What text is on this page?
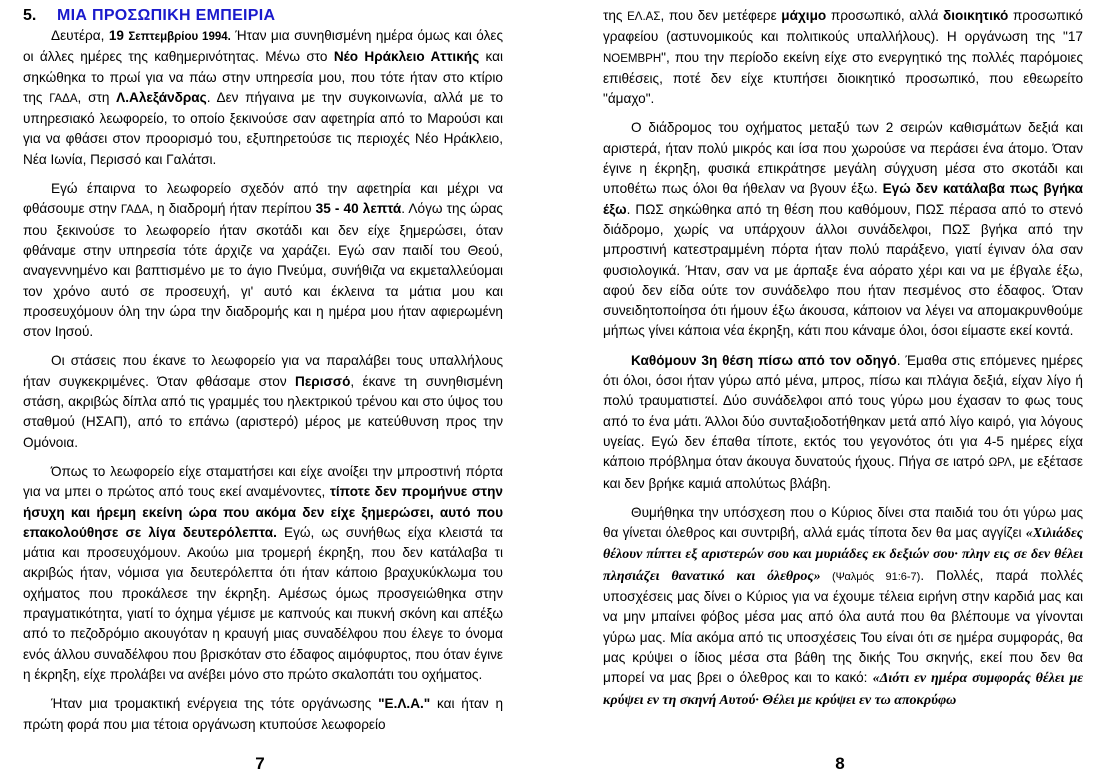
5. ΜΙΑ ΠΡΟΣΩΠΙΚΗ ΕΜΠΕΙΡΙΑ

Δευτέρα, 19 Σεπτεμβρίου 1994. Ήταν μια συνηθισμένη ημέρα όμως και όλες οι άλλες ημέρες της καθημερινότητας. Μένω στο Νέο Ηράκλειο Αττικής και σηκώθηκα το πρωί για να πάω στην υπηρεσία μου, που τότε ήταν στο κτίριο της ΓΑΔΑ, στη Λ.Αλεξάνδρας. Δεν πήγαινα με την συγκοινωνία, αλλά με το υπηρεσιακό λεωφορείο, το οποίο ξεκινούσε σαν αφετηρία από το Μαρούσι και για να φθάσει στον προορισμό του, εξυπηρετούσε τις περιοχές Νέο Ηράκλειο, Νέα Ιωνία, Περισσό και Γαλάτσι.

Εγώ έπαιρνα το λεωφορείο σχεδόν από την αφετηρία και μέχρι να φθάσουμε στην ΓΑΔΑ, η διαδρομή ήταν περίπου 35 - 40 λεπτά. Λόγω της ώρας που ξεκινούσε το λεωφορείο ήταν σκοτάδι και δεν είχε ξημερώσει, όταν φθάναμε στην υπηρεσία τότε άρχιζε να χαράζει. Εγώ σαν παιδί του Θεού, αναγεννημένο και βαπτισμένο με το άγιο Πνεύμα, συνήθιζα να εκμεταλλεύομαι τον χρόνο αυτό σε προσευχή, γι' αυτό και έκλεινα τα μάτια μου και προσευχόμουν όλη την ώρα την διαδρομής και η ημέρα μου ήταν αφιερωμένη στον Ιησού.

Οι στάσεις που έκανε το λεωφορείο για να παραλάβει τους υπαλλήλους ήταν συγκεκριμένες. Όταν φθάσαμε στον Περισσό, έκανε τη συνηθισμένη στάση, ακριβώς δίπλα από τις γραμμές του ηλεκτρικού τρένου και στο ύψος του σταθμού (ΗΣΑΠ), από το επάνω (αριστερό) μέρος με κατεύθυνση προς την Ομόνοια.

Όπως το λεωφορείο είχε σταματήσει και είχε ανοίξει την μπροστινή πόρτα για να μπει ο πρώτος από τους εκεί αναμένοντες, τίποτε δεν προμήνυε στην ήσυχη και ήρεμη εκείνη ώρα που ακόμα δεν είχε ξημερώσει, αυτό που επακολούθησε σε λίγα δευτερόλεπτα. Εγώ, ως συνήθως είχα κλειστά τα μάτια και προσευχόμουν. Ακούω μια τρομερή έκρηξη, που δεν κατάλαβα τι ακριβώς ήταν, νόμισα για δευτερόλεπτα ότι ήταν κάποιο βραχυκύκλωμα του οχήματος που προκάλεσε την έκρηξη. Αμέσως όμως προσγειώθηκα στην πραγματικότητα, γιατί το όχημα γέμισε με καπνούς και πυκνή σκόνη και απέξω από το πεζοδρόμιο ακουγόταν η κραυγή μιας συναδέλφου που έλεγε το όνομα ενός άλλου συναδέλφου που βρισκόταν στο έδαφος αιμόφυρτος, που όταν έγινε η έκρηξη, είχε προλάβει να ανέβει μόνο στο πρώτο σκαλοπάτι του οχήματος.

Ήταν μια τρομακτική ενέργεια της τότε οργάνωσης "Ε.Λ.Α." και ήταν η πρώτη φορά που μια τέτοια οργάνωση κτυπούσε λεωφορείο

7

της ΕΛ.ΑΣ, που δεν μετέφερε μάχιμο προσωπικό, αλλά διοικητικό προσωπικό γραφείου (αστυνομικούς και πολιτικούς υπαλλήλους). Η οργάνωση της "17 ΝΟΕΜΒΡΗ", που την περίοδο εκείνη είχε στο ενεργητικό της πολλές παρόμοιες επιθέσεις, ποτέ δεν είχε κτυπήσει διοικητικό προσωπικό, που εθεωρείτο "άμαχο".

Ο διάδρομος του οχήματος μεταξύ των 2 σειρών καθισμάτων δεξιά και αριστερά, ήταν πολύ μικρός και ίσα που χωρούσε να περάσει ένα άτομο. Όταν έγινε η έκρηξη, φυσικά επικράτησε μεγάλη σύγχυση μέσα στο σκοτάδι και υποθέτω πως όλοι θα ήθελαν να βγουν έξω. Εγώ δεν κατάλαβα πως βγήκα έξω. ΠΩΣ σηκώθηκα από τη θέση που καθόμουν, ΠΩΣ πέρασα από το στενό διάδρομο, χωρίς να υπάρχουν άλλοι συνάδελφοι, ΠΩΣ βγήκα από την μπροστινή κατεστραμμένη πόρτα ήταν πολύ παράξενο, γιατί έγιναν όλα σαν φυσιολογικά. Ήταν, σαν να με άρπαξε ένα αόρατο χέρι και να με έβγαλε έξω, αφού δεν είδα ούτε τον συνάδελφο που ήταν πεσμένος στο έδαφος. Όταν συνειδητοποίησα ότι ήμουν έξω άκουσα, κάποιον να λέγει να απομακρυνθούμε μήπως γίνει κάποια νέα έκρηξη, κάτι που κάναμε όλοι, όσοι είμαστε εκεί κοντά.

Καθόμουν 3η θέση πίσω από τον οδηγό. Έμαθα στις επόμενες ημέρες ότι όλοι, όσοι ήταν γύρω από μένα, μπρος, πίσω και πλάγια δεξιά, είχαν λίγο ή πολύ τραυματιστεί. Δύο συνάδελφοι από τους γύρω μου έχασαν το φως τους από το ένα μάτι. Άλλοι δύο συνταξιοδοτήθηκαν μετά από λίγο καιρό, για λόγους υγείας. Εγώ δεν έπαθα τίποτε, εκτός του γεγονότος ότι για 4-5 ημέρες είχα κάποιο πρόβλημα όταν άκουγα δυνατούς ήχους. Πήγα σε ιατρό ΩΡΛ, με εξέτασε και δεν βρήκε καμιά απολύτως βλάβη.

Θυμήθηκα την υπόσχεση που ο Κύριος δίνει στα παιδιά του ότι γύρω μας θα γίνεται όλεθρος και συντριβή, αλλά εμάς τίποτα δεν θα μας αγγίζει «Χιλιάδες θέλουν πίπτει εξ αριστερών σου και μυριάδες εκ δεξιών σου· πλην εις σε δεν θέλει πλησιάζει θανατικό και όλεθρος» (Ψαλμός 91:6-7). Πολλές, παρά πολλές υποσχέσεις μας δίνει ο Κύριος για να έχουμε τέλεια ειρήνη στην καρδιά μας και να μην μπαίνει φόβος μέσα μας από όλα αυτά που θα βλέπουμε να γίνονται γύρω μας. Μία ακόμα από τις υποσχέσεις Του είναι ότι σε ημέρα συμφοράς, θα μας κρύψει ο ίδιος μέσα στα βάθη της δικής Του σκηνής, εκεί που δεν θα μπορεί να μας βρει ο όλεθρος και το κακό: «Διότι εν ημέρα συμφοράς θέλει με κρύψει εν τη σκηνή Αυτού· Θέλει με κρύψει εν τω αποκρύφω

8
